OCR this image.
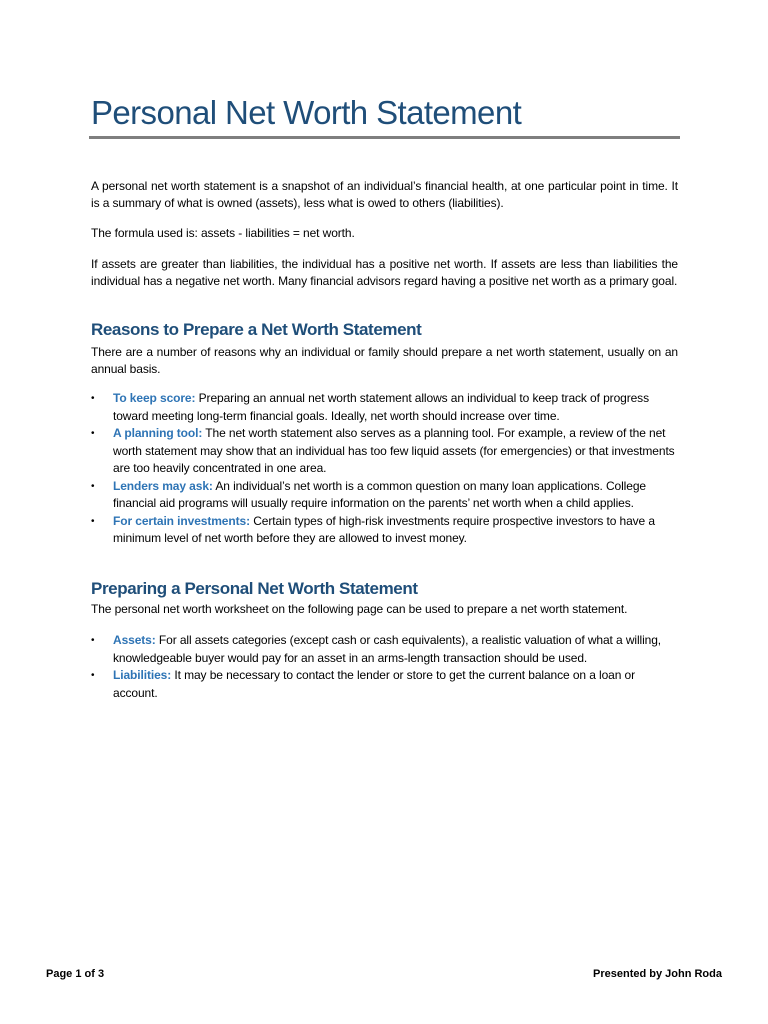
Personal Net Worth Statement

A personal net worth statement is a snapshot of an individual’s financial health, at one particular point in time. It is a summary of what is owned (assets), less what is owed to others (liabilities).

The formula used is: assets - liabilities = net worth.

If assets are greater than liabilities, the individual has a positive net worth. If assets are less than liabilities the individual has a negative net worth. Many financial advisors regard having a positive net worth as a primary goal.

Reasons to Prepare a Net Worth Statement

There are a number of reasons why an individual or family should prepare a net worth statement, usually on an annual basis.

•	To keep score: Preparing an annual net worth statement allows an individual to keep track of progress toward meeting long-term financial goals. Ideally, net worth should increase over time.
•	A planning tool: The net worth statement also serves as a planning tool. For example, a review of the net worth statement may show that an individual has too few liquid assets (for emergencies) or that investments are too heavily concentrated in one area.
•	Lenders may ask: An individual’s net worth is a common question on many loan applications. College financial aid programs will usually require information on the parents’ net worth when a child applies.
•	For certain investments: Certain types of high-risk investments require prospective investors to have a minimum level of net worth before they are allowed to invest money.
Preparing a Personal Net Worth Statement

The personal net worth worksheet on the following page can be used to prepare a net worth statement.

•	Assets: For all assets categories (except cash or cash equivalents), a realistic valuation of what a willing, knowledgeable buyer would pay for an asset in an arms-length transaction should be used.
•	Liabilities: It may be necessary to contact the lender or store to get the current balance on a loan or account.
Page 1 of 3	Presented by John Roda
